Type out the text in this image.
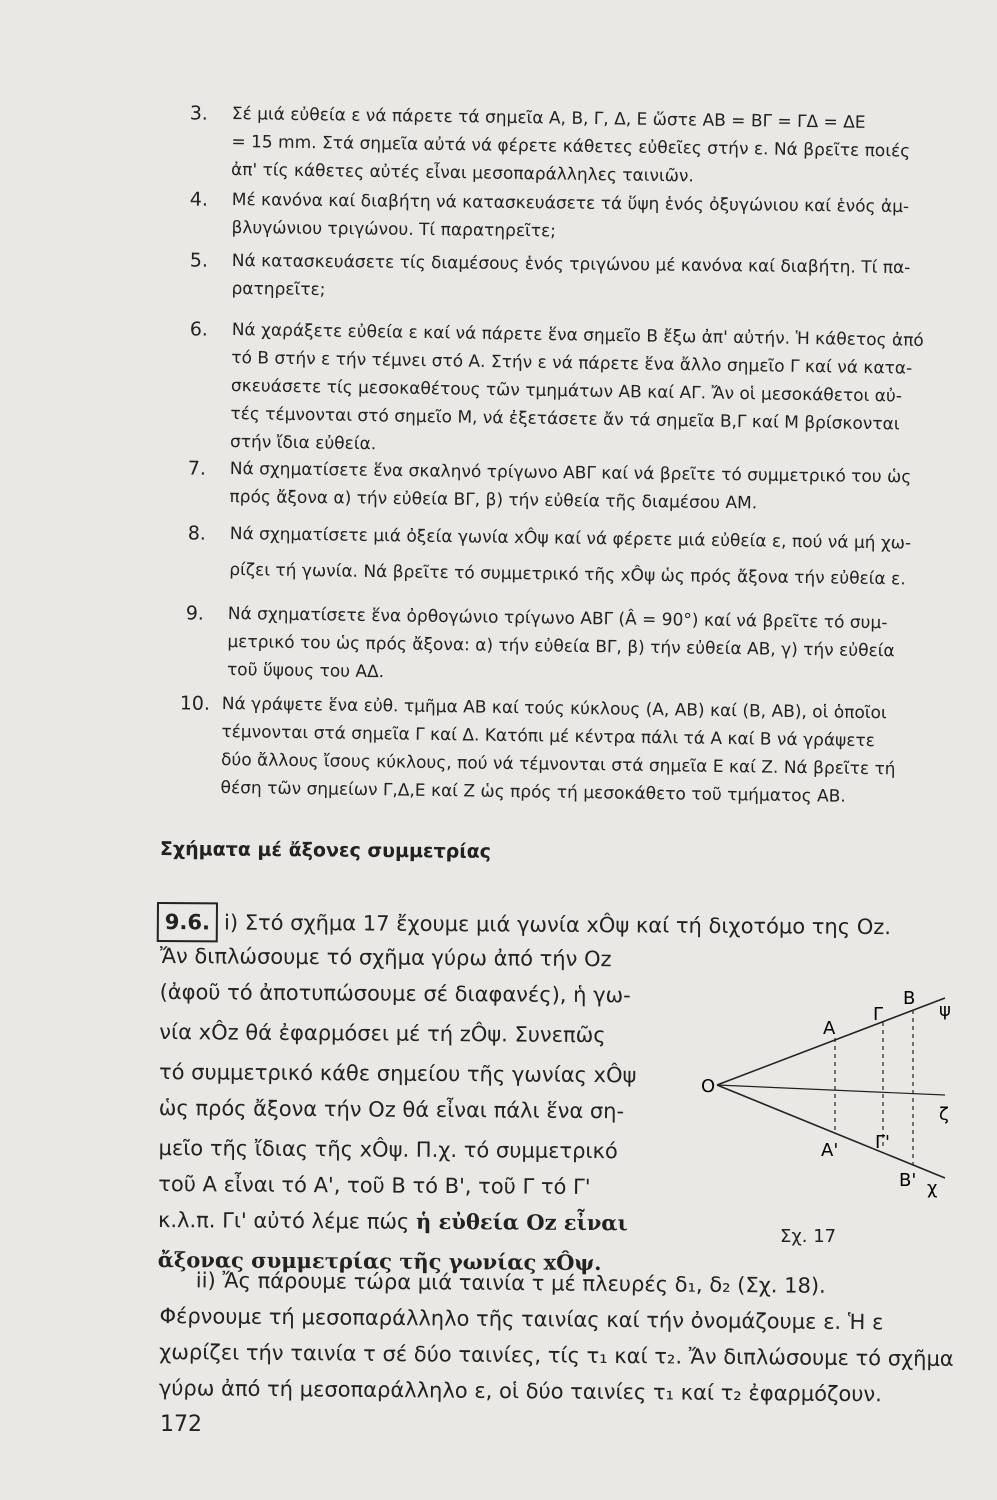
3. Σέ μιά εὐθεία ε νά πάρετε τά σημεῖα Α, Β, Γ, Δ, Ε ὥστε ΑΒ = ΒΓ = ΓΔ = ΔΕ

= 15 mm. Στά σημεῖα αὐτά νά φέρετε κάθετες εὐθεῖες στήν ε. Νά βρεῖτε ποιές

ἀπ' τίς κάθετες αὐτές εἶναι μεσοπαράλληλες ταινιῶν.

4. Μέ κανόνα καί διαβήτη νά κατασκευάσετε τά ὕψη ἑνός ὀξυγώνιου καί ἑνός ἀμ-

βλυγώνιου τριγώνου. Τί παρατηρεῖτε;

5. Νά κατασκευάσετε τίς διαμέσους ἑνός τριγώνου μέ κανόνα καί διαβήτη. Τί πα-

ρατηρεῖτε;

6. Νά χαράξετε εὐθεία ε καί νά πάρετε ἕνα σημεῖο Β ἔξω ἀπ' αὐτήν. Ἡ κάθετος ἀπό

τό Β στήν ε τήν τέμνει στό Α. Στήν ε νά πάρετε ἕνα ἄλλο σημεῖο Γ καί νά κατα-

σκευάσετε τίς μεσοκαθέτους τῶν τμημάτων ΑΒ καί ΑΓ. Ἄν οἱ μεσοκάθετοι αὐ-

τές τέμνονται στό σημεῖο Μ, νά ἐξετάσετε ἄν τά σημεῖα Β,Γ καί Μ βρίσκονται

στήν ἴδια εὐθεία.

7. Νά σχηματίσετε ἕνα σκαληνό τρίγωνο ΑΒΓ καί νά βρεῖτε τό συμμετρικό του ὡς

πρός ἄξονα α) τήν εὐθεία ΒΓ, β) τήν εὐθεία τῆς διαμέσου ΑΜ.

8. Νά σχηματίσετε μιά ὀξεία γωνία xÔψ καί νά φέρετε μιά εὐθεία ε, πού νά μή χω-

ρίζει τή γωνία. Νά βρεῖτε τό συμμετρικό τῆς xÔψ ὡς πρός ἄξονα τήν εὐθεία ε.

9. Νά σχηματίσετε ἕνα ὀρθογώνιο τρίγωνο ΑΒΓ (Â = 90°) καί νά βρεῖτε τό συμ-

μετρικό του ὡς πρός ἄξονα: α) τήν εὐθεία ΒΓ, β) τήν εὐθεία ΑΒ, γ) τήν εὐθεία

τοῦ ὕψους του ΑΔ.

10. Νά γράψετε ἕνα εὐθ. τμῆμα ΑΒ καί τούς κύκλους (Α, ΑΒ) καί (Β, ΑΒ), οἱ ὁποῖοι

τέμνονται στά σημεῖα Γ καί Δ. Κατόπι μέ κέντρα πάλι τά Α καί Β νά γράψετε

δύο ἄλλους ἴσους κύκλους, πού νά τέμνονται στά σημεῖα Ε καί Ζ. Νά βρεῖτε τή

θέση τῶν σημείων Γ,Δ,Ε καί Ζ ὡς πρός τή μεσοκάθετο τοῦ τμήματος ΑΒ.

Σχήματα μέ ἄξονες συμμετρίας
9.6. i) Στό σχῆμα 17 ἔχουμε μιά γωνία xÔψ καί τή διχοτόμο της Oz.
Ἄν διπλώσουμε τό σχῆμα γύρω ἀπό τήν Oz
(ἀφοῦ τό ἀποτυπώσουμε σέ διαφανές), ἡ γω-
νία xÔz θά ἐφαρμόσει μέ τή zÔψ. Συνεπῶς
τό συμμετρικό κάθε σημείου τῆς γωνίας xÔψ
ὡς πρός ἄξονα τήν Oz θά εἶναι πάλι ἕνα ση-
μεῖο τῆς ἴδιας τῆς xÔψ. Π.χ. τό συμμετρικό
τοῦ Α εἶναι τό Α', τοῦ Β τό Β', τοῦ Γ τό Γ'
κ.λ.π. Γι' αὐτό λέμε πώς ἡ εὐθεία Oz εἶναι
ἄξονας συμμετρίας τῆς γωνίας xÔψ.
ii) Ἄς πάρουμε τώρα μιά ταινία τ μέ πλευρές δ₁, δ₂ (Σχ. 18).
Φέρνουμε τή μεσοπαράλληλο τῆς ταινίας καί τήν ὀνομάζουμε ε. Ἡ ε
χωρίζει τήν ταινία τ σέ δύο ταινίες, τίς τ₁ καί τ₂. Ἄν διπλώσουμε τό σχῆμα
γύρω ἀπό τή μεσοπαράλληλο ε, οἱ δύο ταινίες τ₁ καί τ₂ ἐφαρμόζουν.
O
A
Γ
B
ψ
ζ
A' Γ'
B' χ
Σχ. 17
172
